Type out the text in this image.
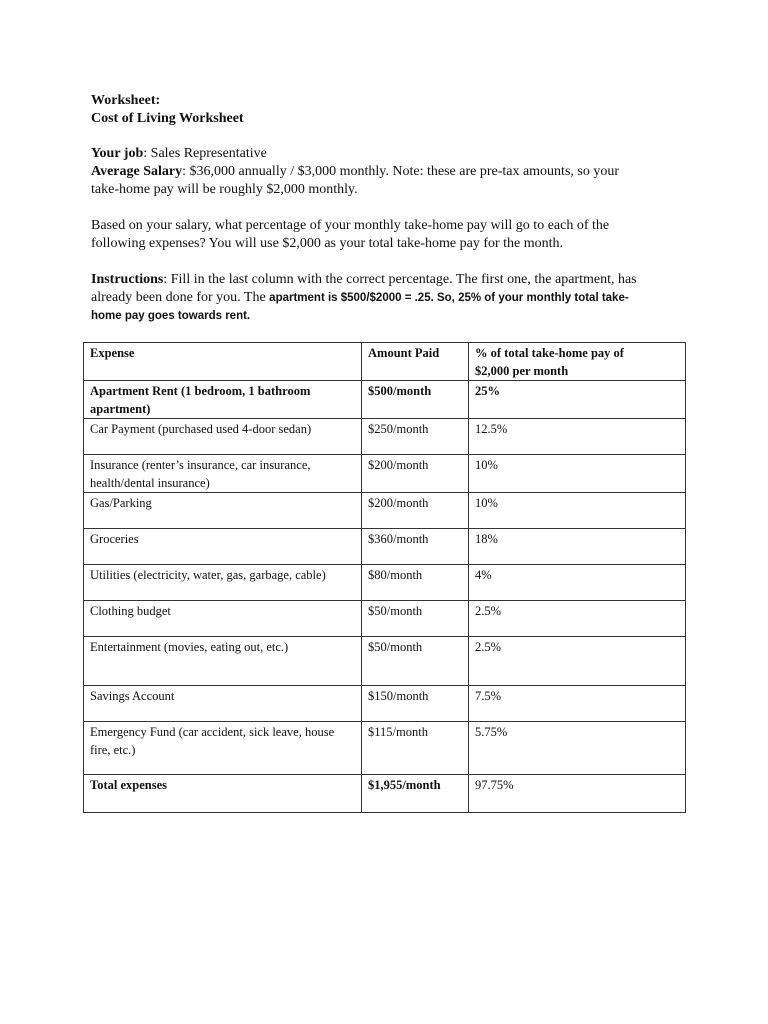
Worksheet:
Cost of Living Worksheet
Your job: Sales Representative
Average Salary: $36,000 annually / $3,000 monthly. Note: these are pre-tax amounts, so your
take-home pay will be roughly $2,000 monthly.
Based on your salary, what percentage of your monthly take-home pay will go to each of the
following expenses? You will use $2,000 as your total take-home pay for the month.
Instructions: Fill in the last column with the correct percentage. The first one, the apartment, has
already been done for you. The apartment is $500/$2000 = .25. So, 25% of your monthly total take-
home pay goes towards rent.
Expense	Amount Paid	% of total take-home pay of
$2,000 per month

Apartment Rent (1 bedroom, 1 bathroom apartment)	$500/month	25%
Car Payment (purchased used 4-door sedan)	$250/month	12.5%
Insurance (renter’s insurance, car insurance, health/dental insurance)	$200/month	10%
Gas/Parking	$200/month	10%
Groceries	$360/month	18%
Utilities (electricity, water, gas, garbage, cable)	$80/month	4%
Clothing budget	$50/month	2.5%
Entertainment (movies, eating out, etc.)	$50/month	2.5%
Savings Account	$150/month	7.5%
Emergency Fund (car accident, sick leave, house fire, etc.)	$115/month	5.75%
Total expenses	$1,955/month	97.75%
